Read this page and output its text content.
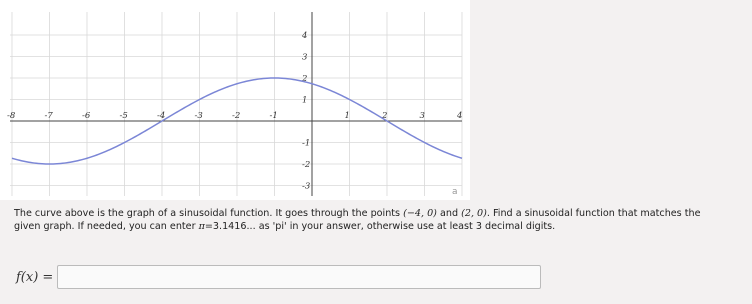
-8	-7	-6	-5	-4	-3	-2	-1	1	2	3	4
4
3
2
1
-1
-2
-3
a
The curve above is the graph of a sinusoidal function. It goes through the points (−4, 0) and (2, 0). Find a sinusoidal function that matches the given graph. If needed, you can enter π=3.1416... as 'pi' in your answer, otherwise use at least 3 decimal digits.
f(x) =
